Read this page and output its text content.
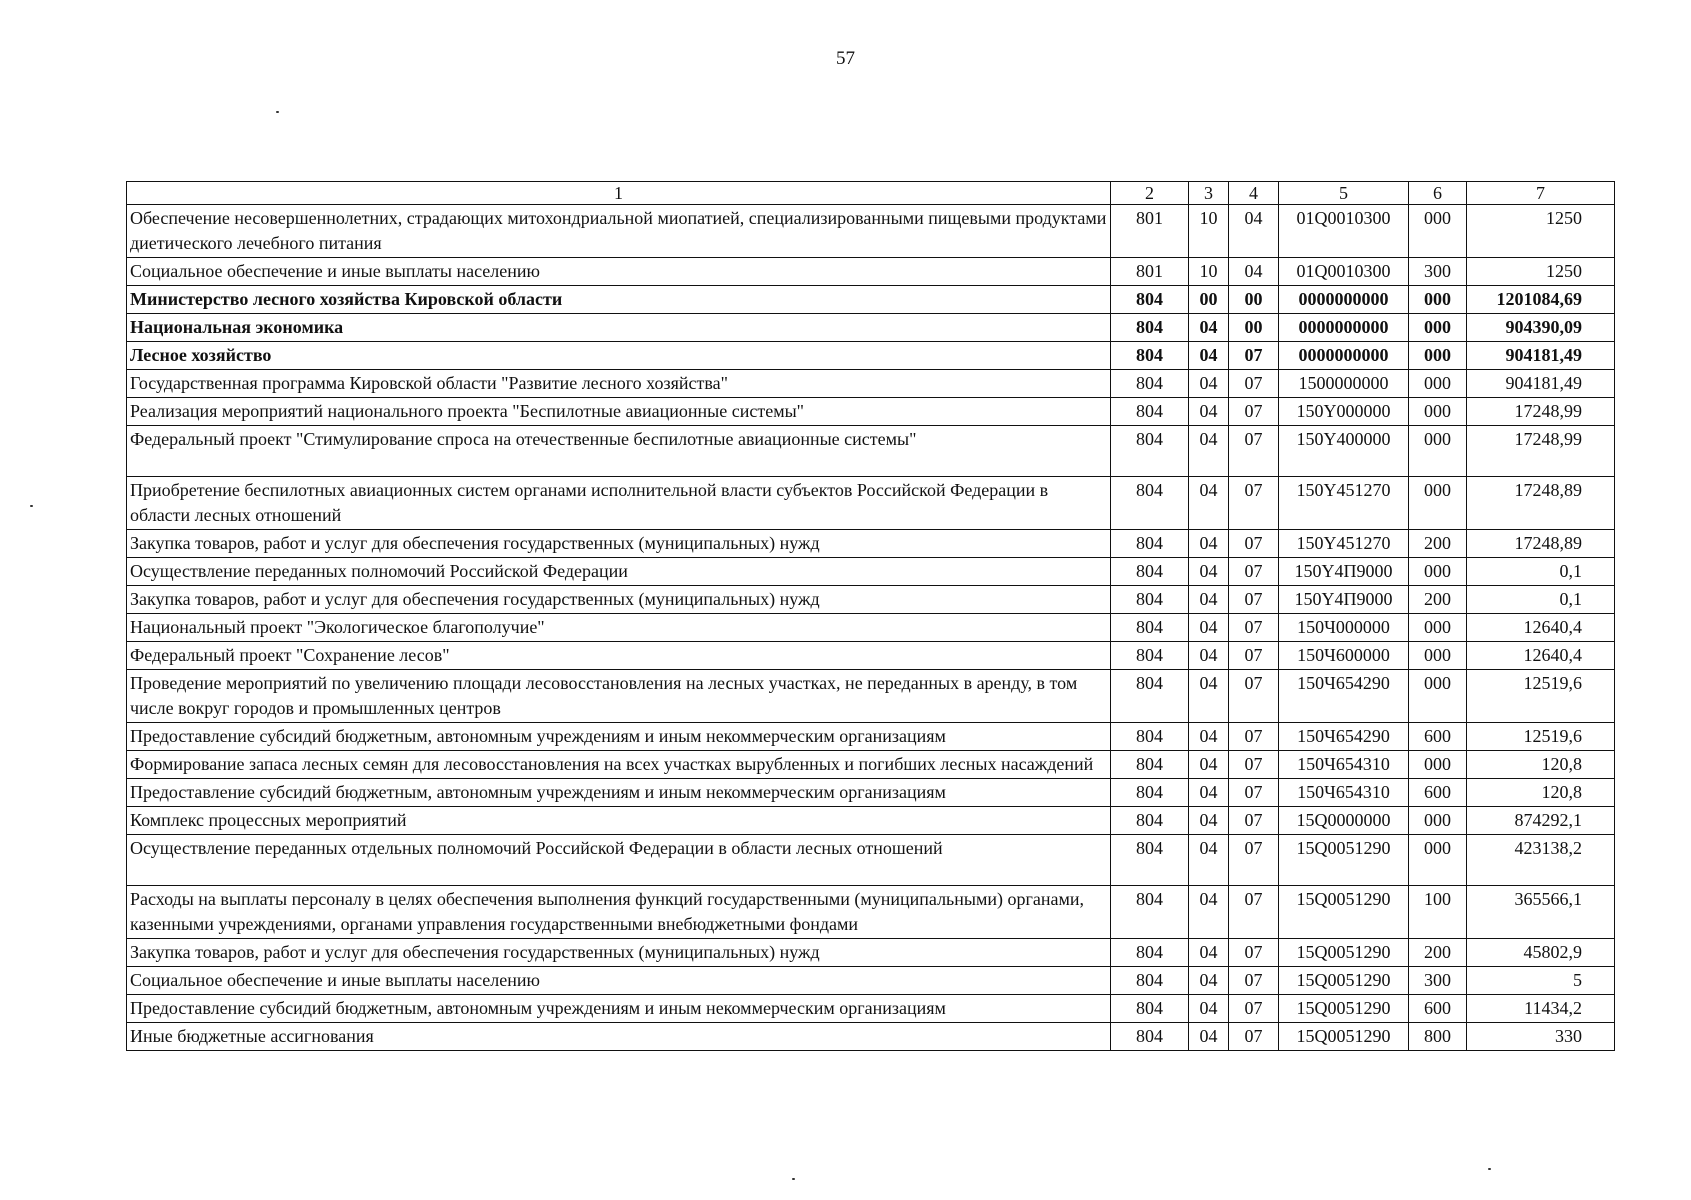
57
1	2	3	4	5	6	7
Обеспечение несовершеннолетних, страдающих митохондриальной миопатией, специализированными пищевыми продуктами диетического лечебного питания	801	10	04	01Q0010300	000	1250
Социальное обеспечение и иные выплаты населению	801	10	04	01Q0010300	300	1250
Министерство лесного хозяйства Кировской области	804	00	00	0000000000	000	1201084,69
Национальная экономика	804	04	00	0000000000	000	904390,09
Лесное хозяйство	804	04	07	0000000000	000	904181,49
Государственная программа Кировской области "Развитие лесного хозяйства"	804	04	07	1500000000	000	904181,49
Реализация мероприятий национального проекта "Беспилотные авиационные системы"	804	04	07	150Y000000	000	17248,99
Федеральный проект "Стимулирование спроса на отечественные беспилотные авиационные системы"	804	04	07	150Y400000	000	17248,99
Приобретение беспилотных авиационных систем органами исполнительной власти субъектов Российской Федерации в области лесных отношений	804	04	07	150Y451270	000	17248,89
Закупка товаров, работ и услуг для обеспечения государственных (муниципальных) нужд	804	04	07	150Y451270	200	17248,89
Осуществление переданных полномочий Российской Федерации	804	04	07	150Y4П9000	000	0,1
Закупка товаров, работ и услуг для обеспечения государственных (муниципальных) нужд	804	04	07	150Y4П9000	200	0,1
Национальный проект "Экологическое благополучие"	804	04	07	150Ч000000	000	12640,4
Федеральный проект "Сохранение лесов"	804	04	07	150Ч600000	000	12640,4
Проведение мероприятий по увеличению площади лесовосстановления на лесных участках, не переданных в аренду, в том числе вокруг городов и промышленных центров	804	04	07	150Ч654290	000	12519,6
Предоставление субсидий бюджетным, автономным учреждениям и иным некоммерческим организациям	804	04	07	150Ч654290	600	12519,6
Формирование запаса лесных семян для лесовосстановления на всех участках вырубленных и погибших лесных насаждений	804	04	07	150Ч654310	000	120,8
Предоставление субсидий бюджетным, автономным учреждениям и иным некоммерческим организациям	804	04	07	150Ч654310	600	120,8
Комплекс процессных мероприятий	804	04	07	15Q0000000	000	874292,1
Осуществление переданных отдельных полномочий Российской Федерации в области лесных отношений	804	04	07	15Q0051290	000	423138,2
Расходы на выплаты персоналу в целях обеспечения выполнения функций государственными (муниципальными) органами, казенными учреждениями, органами управления государственными внебюджетными фондами	804	04	07	15Q0051290	100	365566,1
Закупка товаров, работ и услуг для обеспечения государственных (муниципальных) нужд	804	04	07	15Q0051290	200	45802,9
Социальное обеспечение и иные выплаты населению	804	04	07	15Q0051290	300	5
Предоставление субсидий бюджетным, автономным учреждениям и иным некоммерческим организациям	804	04	07	15Q0051290	600	11434,2
Иные бюджетные ассигнования	804	04	07	15Q0051290	800	330
